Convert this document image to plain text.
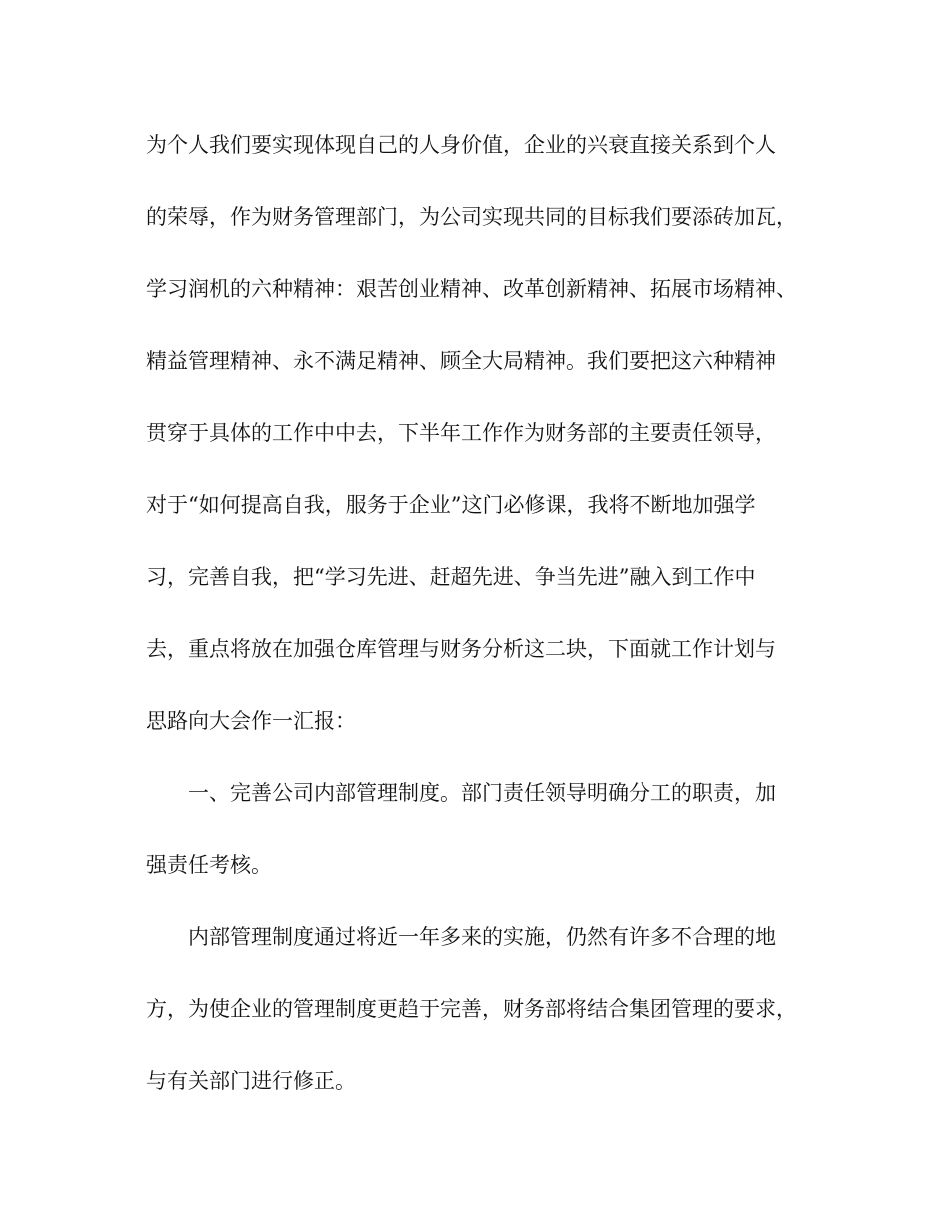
为个人我们要实现体现自己的人身价值，企业的兴衰直接关系到个人
的荣辱，作为财务管理部门，为公司实现共同的目标我们要添砖加瓦，
学习润机的六种精神：艰苦创业精神、改革创新精神、拓展市场精神、
精益管理精神、永不满足精神、顾全大局精神。我们要把这六种精神
贯穿于具体的工作中中去，下半年工作作为财务部的主要责任领导，
对于“如何提高自我，服务于企业”这门必修课，我将不断地加强学
习，完善自我，把“学习先进、赶超先进、争当先进”融入到工作中
去，重点将放在加强仓库管理与财务分析这二块，下面就工作计划与
思路向大会作一汇报：
一、完善公司内部管理制度。部门责任领导明确分工的职责，加
强责任考核。
内部管理制度通过将近一年多来的实施，仍然有许多不合理的地
方，为使企业的管理制度更趋于完善，财务部将结合集团管理的要求，
与有关部门进行修正。
